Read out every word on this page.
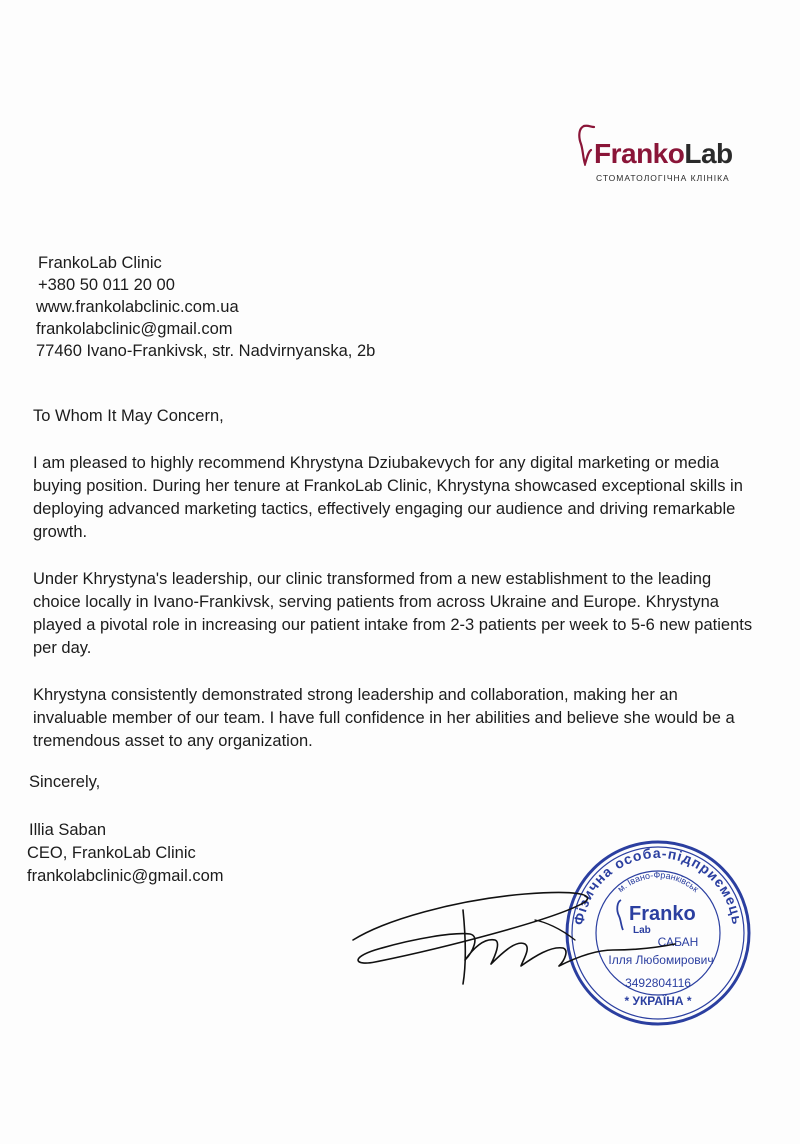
FrankoLab
СТОМАТОЛОГІЧНА КЛІНІКА
FrankoLab Clinic
+380 50 011 20 00
www.frankolabclinic.com.ua
frankolabclinic@gmail.com
77460 Ivano-Frankivsk, str. Nadvirnyanska, 2b
To Whom It May Concern,
I am pleased to highly recommend Khrystyna Dziubakevych for any digital marketing or media buying position. During her tenure at FrankoLab Clinic, Khrystyna showcased exceptional skills in deploying advanced marketing tactics, effectively engaging our audience and driving remarkable growth.
Under Khrystyna's leadership, our clinic transformed from a new establishment to the leading choice locally in Ivano-Frankivsk, serving patients from across Ukraine and Europe. Khrystyna played a pivotal role in increasing our patient intake from 2-3 patients per week to 5-6 new patients per day.
Khrystyna consistently demonstrated strong leadership and collaboration, making her an invaluable member of our team. I have full confidence in her abilities and believe she would be a tremendous asset to any organization.
Sincerely,
Illia Saban
CEO, FrankoLab Clinic
frankolabclinic@gmail.com
Фізична особа-підприємець
м. Івано-Франківськ
Franko
Lab
САБАН
Ілля Любомирович
3492804116
* УКРАЇНА *
